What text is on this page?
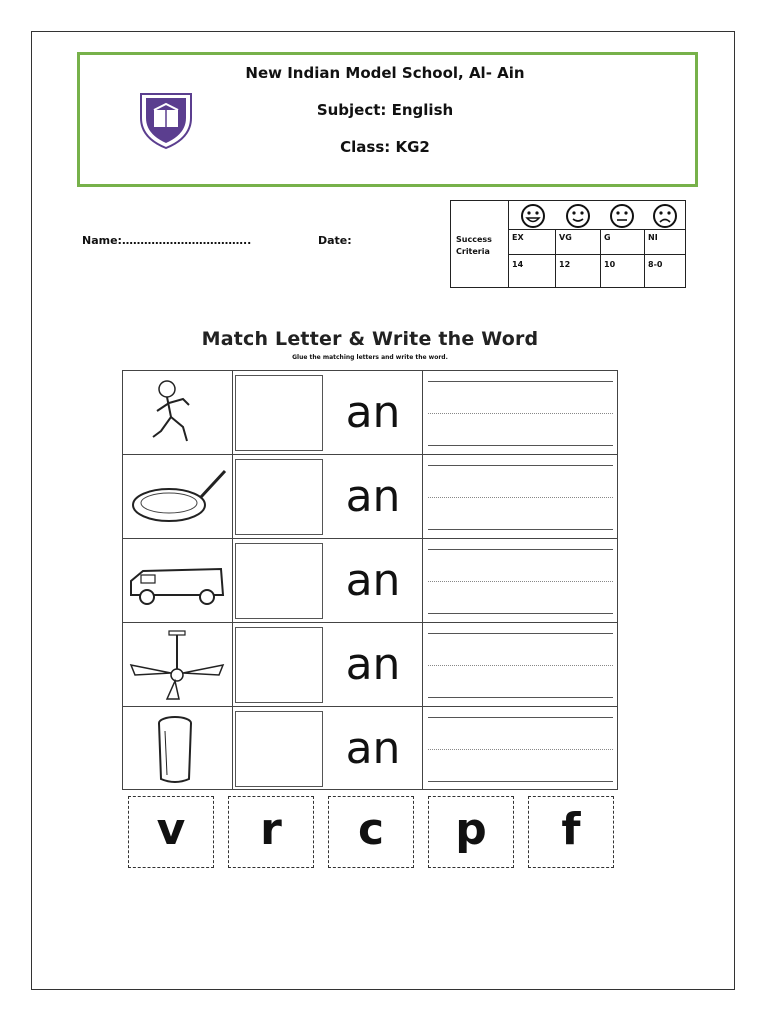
New Indian Model School, Al- Ain
Subject: English
Class: KG2
Name:……………………………..	Date:	Success
Criteria
EX	VG	G	NI
14	12	10	8-0
Match Letter & Write the Word
Glue the matching letters and write the word.
an
an
an
an
an
v	r	c	p	f
